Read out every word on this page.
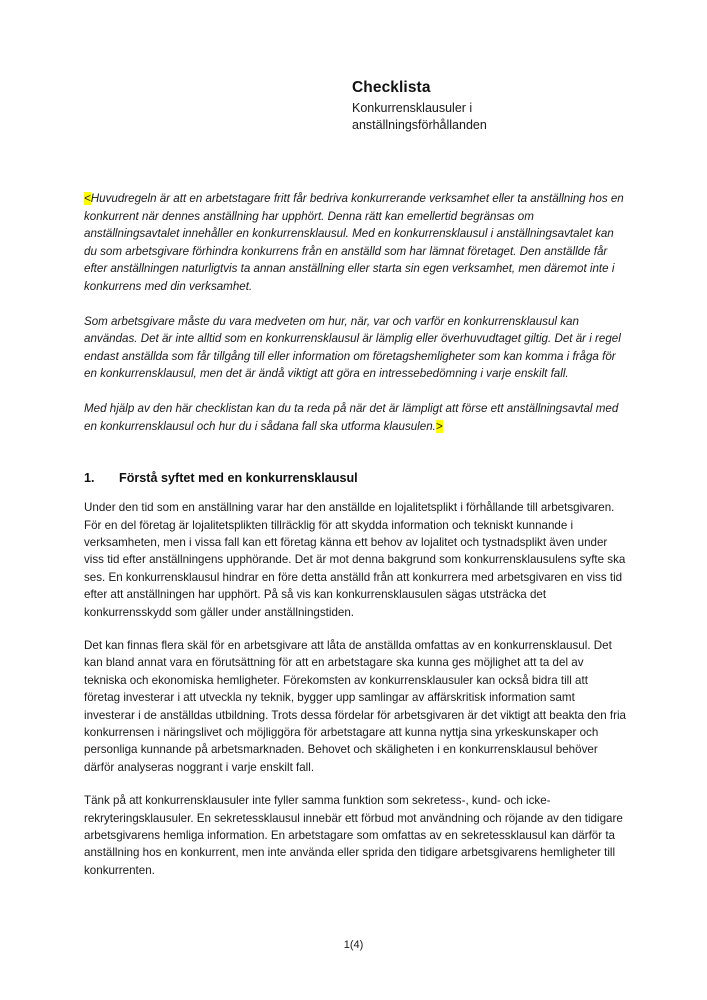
Checklista
Konkurrensklausuler i
anställningsförhållanden

<Huvudregeln är att en arbetstagare fritt får bedriva konkurrerande verksamhet eller ta anställning hos en konkurrent när dennes anställning har upphört. Denna rätt kan emellertid begränsas om anställningsavtalet innehåller en konkurrensklausul. Med en konkurrensklausul i anställningsavtalet kan du som arbetsgivare förhindra konkurrens från en anställd som har lämnat företaget. Den anställde får efter anställningen naturligtvis ta annan anställning eller starta sin egen verksamhet, men däremot inte i konkurrens med din verksamhet.

Som arbetsgivare måste du vara medveten om hur, när, var och varför en konkurrensklausul kan användas. Det är inte alltid som en konkurrensklausul är lämplig eller överhuvudtaget giltig. Det är i regel endast anställda som får tillgång till eller information om företagshemligheter som kan komma i fråga för en konkurrensklausul, men det är ändå viktigt att göra en intressebedömning i varje enskilt fall.

Med hjälp av den här checklistan kan du ta reda på när det är lämpligt att förse ett anställningsavtal med en konkurrensklausul och hur du i sådana fall ska utforma klausulen.>

1.	Förstå syftet med en konkurrensklausul

Under den tid som en anställning varar har den anställde en lojalitetsplikt i förhållande till arbetsgivaren. För en del företag är lojalitetsplikten tillräcklig för att skydda information och tekniskt kunnande i verksamheten, men i vissa fall kan ett företag känna ett behov av lojalitet och tystnadsplikt även under viss tid efter anställningens upphörande. Det är mot denna bakgrund som konkurrensklausulens syfte ska ses. En konkurrensklausul hindrar en före detta anställd från att konkurrera med arbetsgivaren en viss tid efter att anställningen har upphört. På så vis kan konkurrensklausulen sägas utsträcka det konkurrensskydd som gäller under anställningstiden.

Det kan finnas flera skäl för en arbetsgivare att låta de anställda omfattas av en konkurrensklausul. Det kan bland annat vara en förutsättning för att en arbetstagare ska kunna ges möjlighet att ta del av tekniska och ekonomiska hemligheter. Förekomsten av konkurrensklausuler kan också bidra till att företag investerar i att utveckla ny teknik, bygger upp samlingar av affärskritisk information samt investerar i de anställdas utbildning. Trots dessa fördelar för arbetsgivaren är det viktigt att beakta den fria konkurrensen i näringslivet och möjliggöra för arbetstagare att kunna nyttja sina yrkeskunskaper och personliga kunnande på arbetsmarknaden. Behovet och skäligheten i en konkurrensklausul behöver därför analyseras noggrant i varje enskilt fall.

Tänk på att konkurrensklausuler inte fyller samma funktion som sekretess-, kund- och icke-rekryteringsklausuler. En sekretessklausul innebär ett förbud mot användning och röjande av den tidigare arbetsgivarens hemliga information. En arbetstagare som omfattas av en sekretessklausul kan därför ta anställning hos en konkurrent, men inte använda eller sprida den tidigare arbetsgivarens hemligheter till konkurrenten.

1(4)
